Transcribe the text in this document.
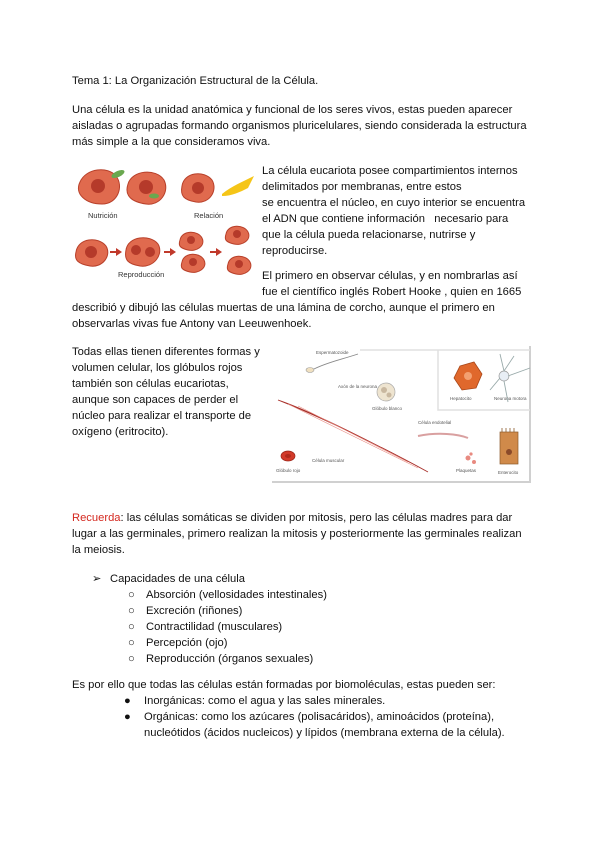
Tema 1: La Organización Estructural de la Célula.
Una célula es la unidad anatómica y funcional de los seres vivos, estas pueden aparecer
aisladas o agrupadas formando organismos pluricelulares, siendo considerada la estructura
más simple a la que consideramos viva.
Nutrición	Relación
Reproducción
La célula eucariota posee compartimientos internos
delimitados por membranas, entre estos
se encuentra el núcleo, en cuyo interior se encuentra
el ADN que contiene información   necesario para
que la célula pueda relacionarse, nutrirse y
reproducirse.
El primero en observar células, y en nombrarlas así
fue el científico inglés Robert Hooke , quien en 1665
describió y dibujó las células muertas de una lámina de corcho, aunque el primero en
observarlas vivas fue Antony van Leeuwenhoek.
Todas ellas tienen diferentes formas y
volumen celular, los glóbulos rojos
también son células eucariotas,
aunque son capaces de perder el
núcleo para realizar el transporte de
oxígeno (eritrocito).
Espermatozoide
Célula muscular
Axón de la neurona
Glóbulo blanco
Hepatocito	Neurona motora
Célula endotelial
Glóbulo rojo	Plaquetas	Enterocito
Recuerda: las células somáticas se dividen por mitosis, pero las células madres para dar
lugar a las germinales, primero realizan la mitosis y posteriormente las germinales realizan
la meiosis.
➢ Capacidades de una célula
○ Absorción (vellosidades intestinales)
○ Excreción (riñones)
○ Contractilidad (musculares)
○ Percepción (ojo)
○ Reproducción (órganos sexuales)
Es por ello que todas las células están formadas por biomoléculas, estas pueden ser:
● Inorgánicas: como el agua y las sales minerales.
● Orgánicas: como los azúcares (polisacáridos), aminoácidos (proteína), nucleótidos (ácidos nucleicos) y lípidos (membrana externa de la célula).
